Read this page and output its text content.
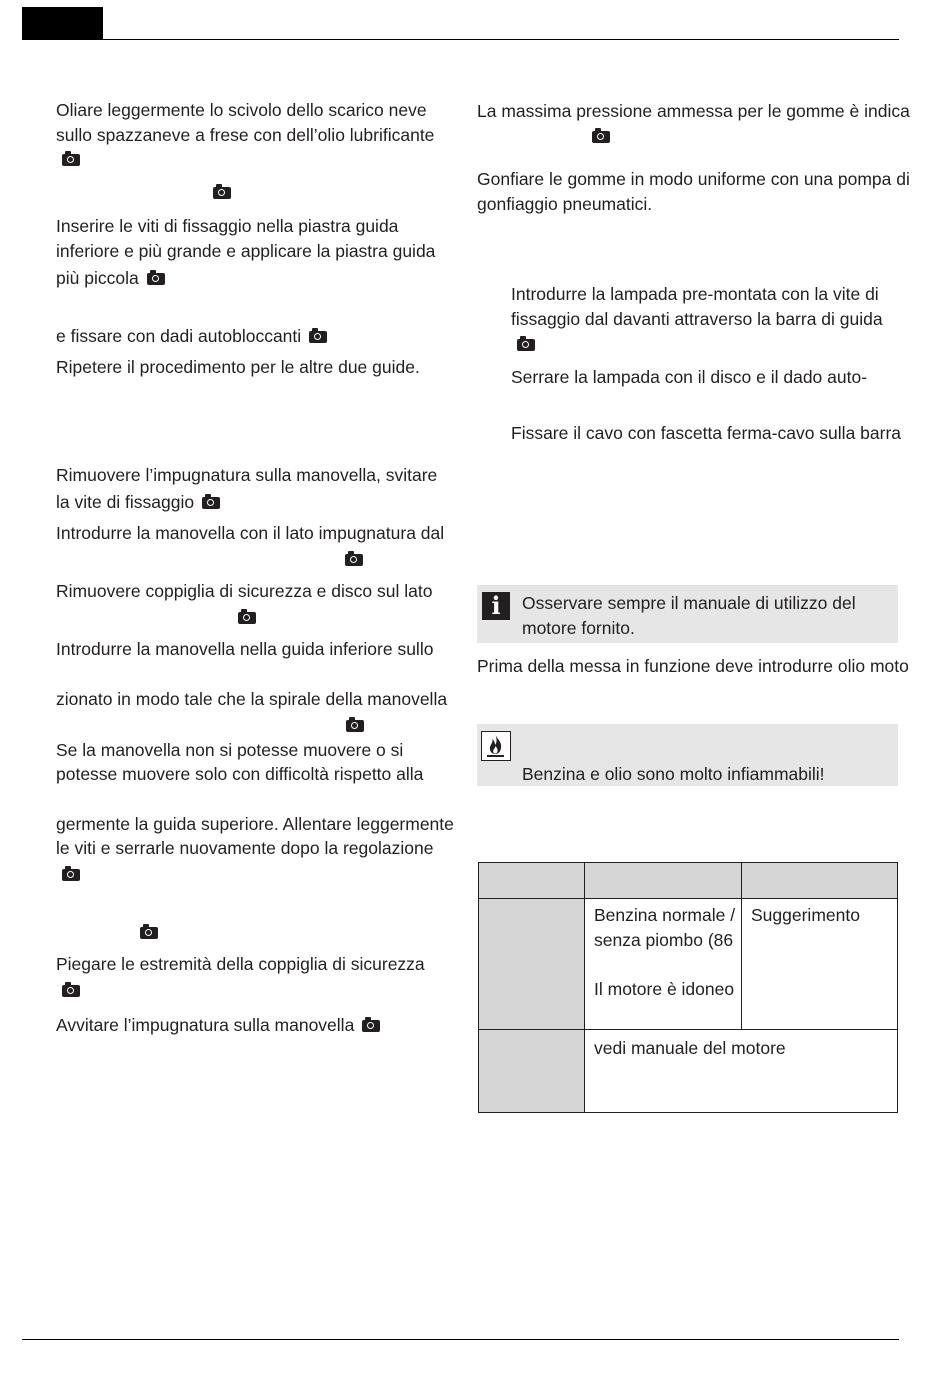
Oliare leggermente lo scivolo dello scarico neve
sullo spazzaneve a frese con dell’olio lubrificante
Inserire le viti di fissaggio nella piastra guida
inferiore e più grande e applicare la piastra guida
più piccola
e fissare con dadi autobloccanti
Ripetere il procedimento per le altre due guide.
Rimuovere l’impugnatura sulla manovella, svitare
la vite di fissaggio
Introdurre la manovella con il lato impugnatura dal
Rimuovere coppiglia di sicurezza e disco sul lato
Introdurre la manovella nella guida inferiore sullo
zionato in modo tale che la spirale della manovella
Se la manovella non si potesse muovere o si
potesse muovere solo con difficoltà rispetto alla
germente la guida superiore. Allentare leggermente
le viti e serrarle nuovamente dopo la regolazione
Piegare le estremità della coppiglia di sicurezza
Avvitare l’impugnatura sulla manovella
La massima pressione ammessa per le gomme è indica
Gonfiare le gomme in modo uniforme con una pompa di
gonfiaggio pneumatici.
Introdurre la lampada pre-montata con la vite di
fissaggio dal davanti attraverso la barra di guida
Serrare la lampada con il disco e il dado auto-
Fissare il cavo con fascetta ferma-cavo sulla barra
i	Osservare sempre il manuale di utilizzo del
motore fornito.
Prima della messa in funzione deve introdurre olio moto
Benzina e olio sono molto infiammabili!
Benzina normale /
senza piombo (86
Il motore è idoneo
Suggerimento
vedi manuale del motore
